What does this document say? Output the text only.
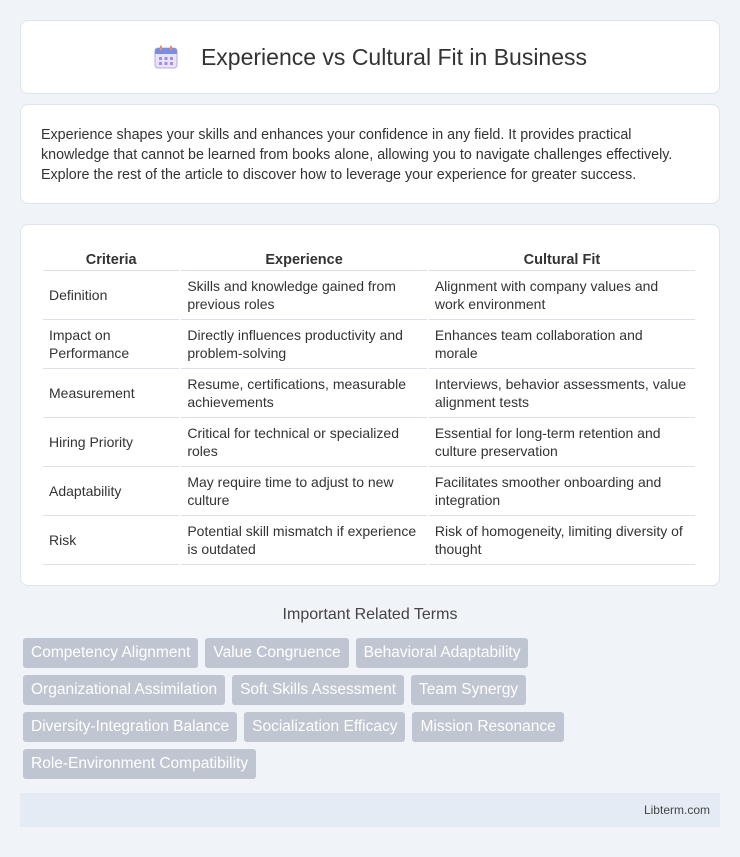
Experience vs Cultural Fit in Business

Experience shapes your skills and enhances your confidence in any field. It provides practical knowledge that cannot be learned from books alone, allowing you to navigate challenges effectively. Explore the rest of the article to discover how to leverage your experience for greater success.

Criteria	Experience	Cultural Fit
Definition	Skills and knowledge gained from previous roles	Alignment with company values and work environment
Impact on Performance	Directly influences productivity and problem-solving	Enhances team collaboration and morale
Measurement	Resume, certifications, measurable achievements	Interviews, behavior assessments, value alignment tests
Hiring Priority	Critical for technical or specialized roles	Essential for long-term retention and culture preservation
Adaptability	May require time to adjust to new culture	Facilitates smoother onboarding and integration
Risk	Potential skill mismatch if experience is outdated	Risk of homogeneity, limiting diversity of thought
Important Related Terms
Competency Alignment	Value Congruence	Behavioral Adaptability
Organizational Assimilation	Soft Skills Assessment	Team Synergy
Diversity-Integration Balance	Socialization Efficacy	Mission Resonance
Role-Environment Compatibility
Libterm.com
